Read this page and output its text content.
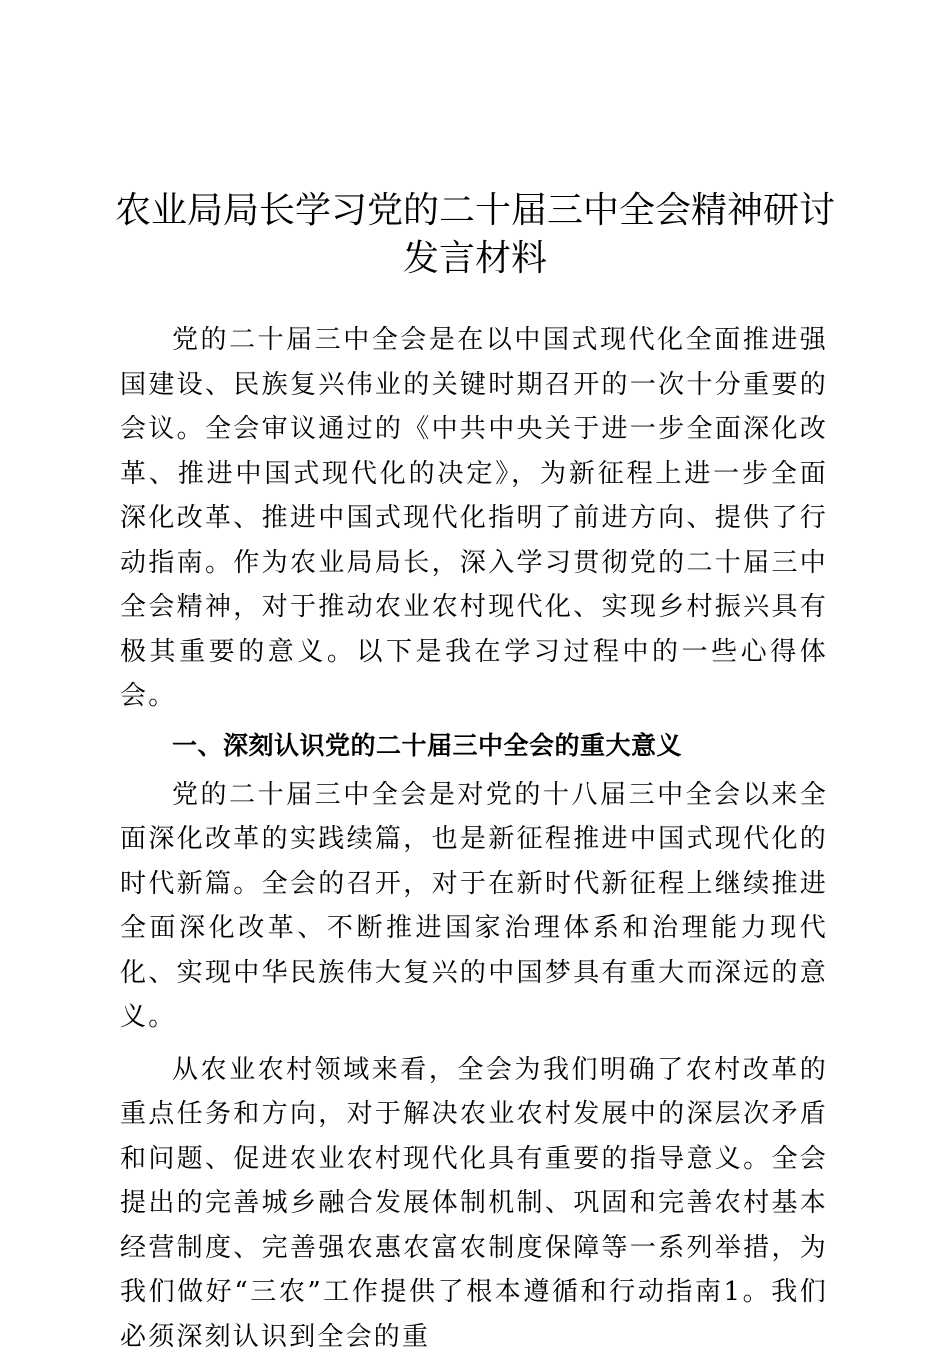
农业局局长学习党的二十届三中全会精神研讨
发言材料

党的二十届三中全会是在以中国式现代化全面推进强国建设、民族复兴伟业的关键时期召开的一次十分重要的会议。全会审议通过的《中共中央关于进一步全面深化改革、推进中国式现代化的决定》，为新征程上进一步全面深化改革、推进中国式现代化指明了前进方向、提供了行动指南。作为农业局局长，深入学习贯彻党的二十届三中全会精神，对于推动农业农村现代化、实现乡村振兴具有极其重要的意义。以下是我在学习过程中的一些心得体会。

一、深刻认识党的二十届三中全会的重大意义

党的二十届三中全会是对党的十八届三中全会以来全面深化改革的实践续篇，也是新征程推进中国式现代化的时代新篇。全会的召开，对于在新时代新征程上继续推进全面深化改革、不断推进国家治理体系和治理能力现代化、实现中华民族伟大复兴的中国梦具有重大而深远的意义。

从农业农村领域来看，全会为我们明确了农村改革的重点任务和方向，对于解决农业农村发展中的深层次矛盾和问题、促进农业农村现代化具有重要的指导意义。全会提出的完善城乡融合发展体制机制、巩固和完善农村基本经营制度、完善强农惠农富农制度保障等一系列举措，为我们做好“三农”工作提供了根本遵循和行动指南1。我们必须深刻认识到全会的重
